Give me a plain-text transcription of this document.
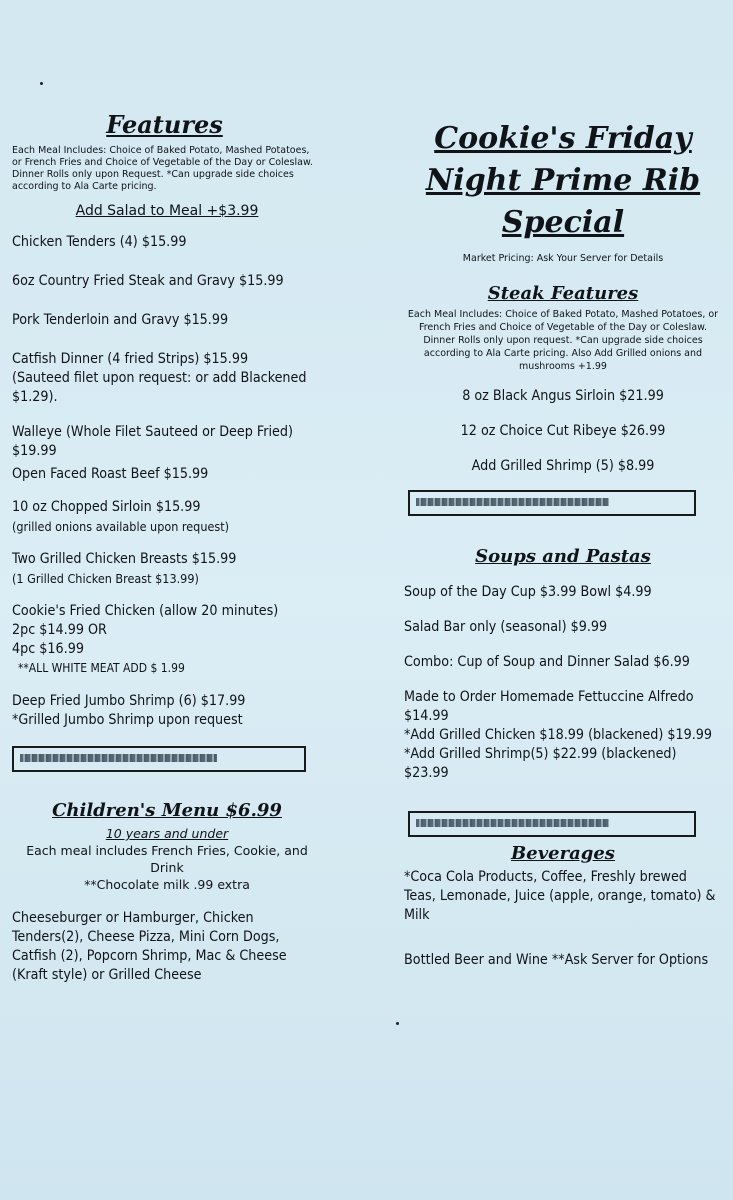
Features

Each Meal Includes: Choice of Baked Potato, Mashed Potatoes, or French Fries and Choice of Vegetable of the Day or Coleslaw. Dinner Rolls only upon Request. *Can upgrade side choices according to Ala Carte pricing.

Add Salad to Meal +$3.99

Chicken Tenders (4) $15.99

6oz Country Fried Steak and Gravy $15.99

Pork Tenderloin and Gravy $15.99

Catfish Dinner (4 fried Strips) $15.99

(Sauteed filet upon request: or add Blackened $1.29).

Walleye (Whole Filet Sauteed or Deep Fried) $19.99

Open Faced Roast Beef $15.99

10 oz Chopped Sirloin $15.99

(grilled onions available upon request)

Two Grilled Chicken Breasts $15.99

(1 Grilled Chicken Breast $13.99)

Cookie's Fried Chicken (allow 20 minutes)

2pc $14.99 OR

4pc $16.99

**ALL WHITE MEAT ADD $ 1.99

Deep Fried Jumbo Shrimp (6) $17.99

*Grilled Jumbo Shrimp upon request

Children's Menu $6.99

10 years and under

Each meal includes French Fries, Cookie, and Drink

**Chocolate milk .99 extra

Cheeseburger or Hamburger, Chicken Tenders(2), Cheese Pizza, Mini Corn Dogs, Catfish (2), Popcorn Shrimp, Mac & Cheese (Kraft style) or Grilled Cheese

Cookie's Friday Night Prime Rib Special

Market Pricing: Ask Your Server for Details

Steak Features

Each Meal Includes: Choice of Baked Potato, Mashed Potatoes, or French Fries and Choice of Vegetable of the Day or Coleslaw. Dinner Rolls only upon request. *Can upgrade side choices according to Ala Carte pricing. Also Add Grilled onions and mushrooms +1.99

8 oz Black Angus Sirloin $21.99

12 oz Choice Cut Ribeye $26.99

Add Grilled Shrimp (5) $8.99

Soups and Pastas

Soup of the Day Cup $3.99 Bowl $4.99

Salad Bar only (seasonal) $9.99

Combo: Cup of Soup and Dinner Salad $6.99

Made to Order Homemade Fettuccine Alfredo $14.99

*Add Grilled Chicken $18.99 (blackened) $19.99

*Add Grilled Shrimp(5) $22.99 (blackened) $23.99

Beverages

*Coca Cola Products, Coffee, Freshly brewed Teas, Lemonade, Juice (apple, orange, tomato) & Milk

Bottled Beer and Wine **Ask Server for Options
